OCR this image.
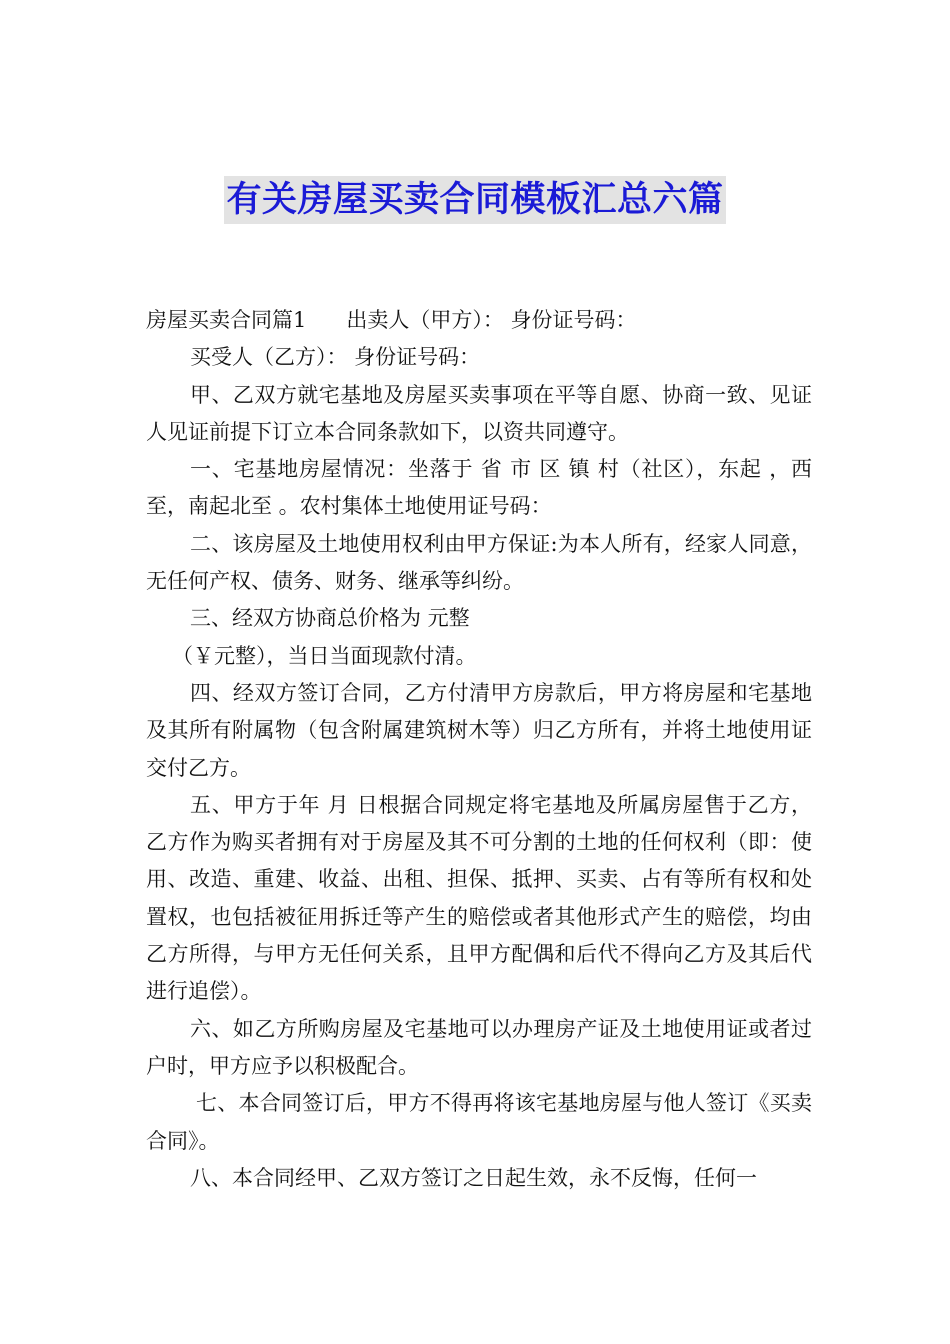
有关房屋买卖合同模板汇总六篇

房屋买卖合同篇1 出卖人（甲方）： 身份证号码：

买受人（乙方）： 身份证号码：

甲、乙双方就宅基地及房屋买卖事项在平等自愿、协商一致、见证人见证前提下订立本合同条款如下，以资共同遵守。

一、宅基地房屋情况：坐落于 省 市 区 镇 村（社区），东起 ，西至，南起北至 。农村集体土地使用证号码：

二、该房屋及土地使用权利由甲方保证:为本人所有，经家人同意，无任何产权、债务、财务、继承等纠纷。

三、经双方协商总价格为 元整

（￥元整），当日当面现款付清。

四、经双方签订合同，乙方付清甲方房款后，甲方将房屋和宅基地及其所有附属物（包含附属建筑树木等）归乙方所有，并将土地使用证交付乙方。

五、甲方于年 月 日根据合同规定将宅基地及所属房屋售于乙方，乙方作为购买者拥有对于房屋及其不可分割的土地的任何权利（即：使用、改造、重建、收益、出租、担保、抵押、买卖、占有等所有权和处置权，也包括被征用拆迁等产生的赔偿或者其他形式产生的赔偿，均由乙方所得，与甲方无任何关系，且甲方配偶和后代不得向乙方及其后代进行追偿）。

六、如乙方所购房屋及宅基地可以办理房产证及土地使用证或者过户时，甲方应予以积极配合。

七、本合同签订后，甲方不得再将该宅基地房屋与他人签订《买卖合同》。

八、本合同经甲、乙双方签订之日起生效，永不反悔，任何一
